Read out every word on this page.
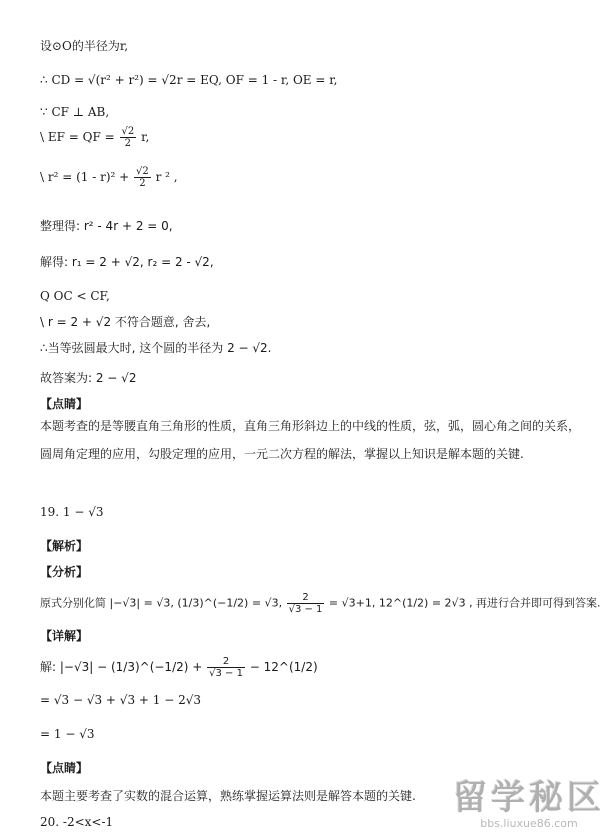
设⊙O的半径为r,
∴ CD = √(r² + r²) = √2r = EQ, OF = 1 - r, OE = r,
∵ CF ⊥ AB,
\ EF = QF = $\frac{√2}{2} r$,
\ $r^2 = (1 - r)^2 + \frac{√2}{2}$ r ² ,
整理得: r² - 4r + 2 = 0,
解得: r₁ = 2 + √2, r₂ = 2 - √2,
Q OC < CF,
\ r = 2 + √2 不符合题意, 舍去,
∴当等弦圆最大时, 这个圆的半径为 2 − √2.
故答案为: 2 − √2
【点睛】
本题考查的是等腰直角三角形的性质，直角三角形斜边上的中线的性质，弦，弧，圆心角之间的关系，圆周角定理的应用，勾股定理的应用，一元二次方程的解法，掌握以上知识是解本题的关键.
19. 1 − √3
【解析】
【分析】
原式分别化简 |−√3| = √3, (1/3)^(−1/2) = √3, $\frac{2}{√3 - 1} = √3+1$, 12^(1/2) = 2√3 , 再进行合并即可得到答案.
【详解】
解: |−√3| − (1/3)^(−1/2) + $\frac{2}{√3 - 1}$ − 12^(1/2)
= √3 − √3 + √3 + 1 − 2√3
= 1 − √3
【点睛】
本题主要考查了实数的混合运算，熟练掌握运算法则是解答本题的关键.
20. -2<x<-1
留学秘区
bbs.liuxue86.com
